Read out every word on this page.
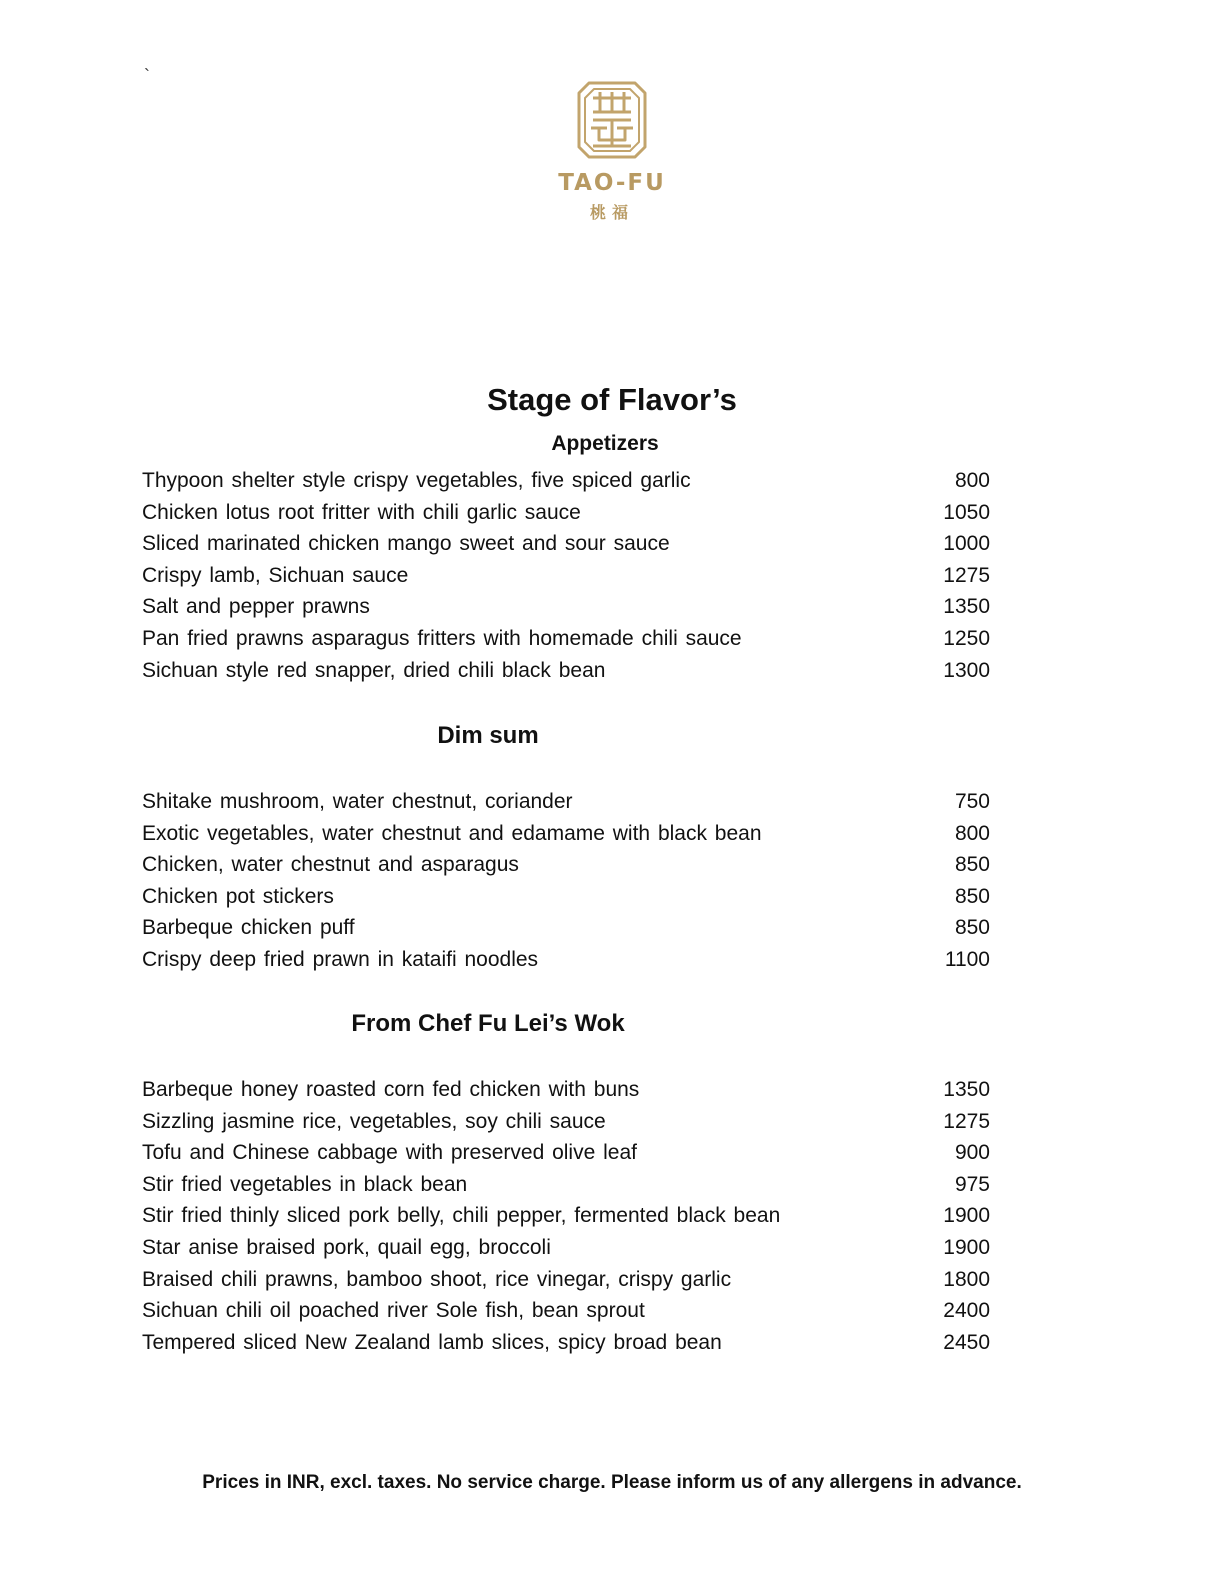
`
TAO-FU
桃福
Stage of Flavor’s
Appetizers
Thypoon shelter style crispy vegetables, five spiced garlic	800
Chicken lotus root fritter with chili garlic sauce	1050
Sliced marinated chicken mango sweet and sour sauce	1000
Crispy lamb, Sichuan sauce	1275
Salt and pepper prawns	1350
Pan fried prawns asparagus fritters with homemade chili sauce	1250
Sichuan style red snapper, dried chili black bean	1300
Dim sum
Shitake mushroom, water chestnut, coriander	750
Exotic vegetables, water chestnut and edamame with black bean	800
Chicken, water chestnut and asparagus	850
Chicken pot stickers	850
Barbeque chicken puff	850
Crispy deep fried prawn in kataifi noodles	1100
From Chef Fu Lei’s Wok
Barbeque honey roasted corn fed chicken with buns	1350
Sizzling jasmine rice, vegetables, soy chili sauce	1275
Tofu and Chinese cabbage with preserved olive leaf	900
Stir fried vegetables in black bean	975
Stir fried thinly sliced pork belly, chili pepper, fermented black bean	1900
Star anise braised pork, quail egg, broccoli	1900
Braised chili prawns, bamboo shoot, rice vinegar, crispy garlic	1800
Sichuan chili oil poached river Sole fish, bean sprout	2400
Tempered sliced New Zealand lamb slices, spicy broad bean	2450
Prices in INR, excl. taxes. No service charge. Please inform us of any allergens in advance.
